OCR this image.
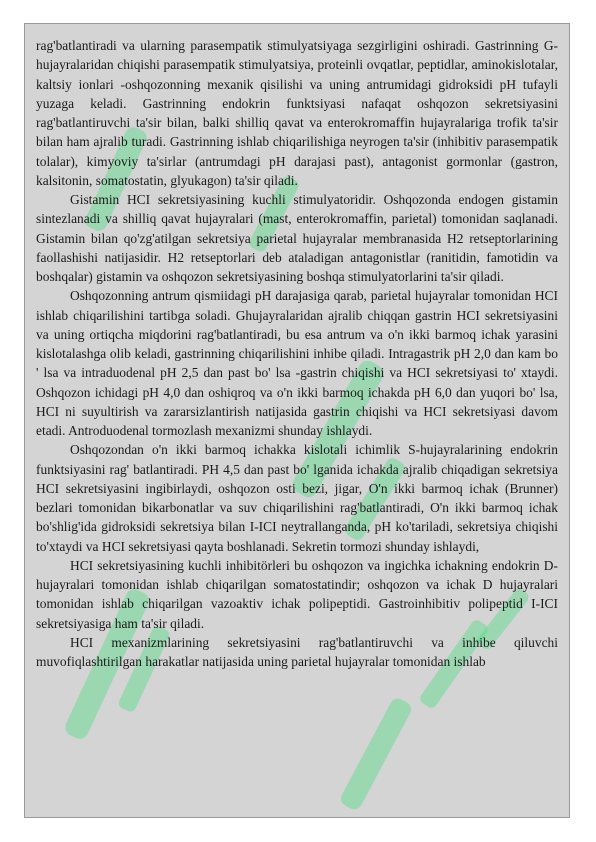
rag'batlantiradi va ularning parasempatik stimulyatsiyaga sezgirligini oshiradi. Gastrinning G-hujayralaridan chiqishi parasempatik stimulyatsiya, proteinli ovqatlar, peptidlar, aminokislotalar, kaltsiy ionlari -oshqozonning mexanik qisilishi va uning antrumidagi gidroksidi pH tufayli yuzaga keladi. Gastrinning endokrin funktsiyasi nafaqat oshqozon sekretsiyasini rag'batlantiruvchi ta'sir bilan, balki shilliq qavat va enterokromaffin hujayralariga trofik ta'sir bilan ham ajralib turadi. Gastrinning ishlab chiqarilishiga neyrogen ta'sir (inhibitiv parasempatik tolalar), kimyoviy ta'sirlar (antrumdagi pH darajasi past), antagonist gormonlar (gastron, kalsitonin, somatostatin, glyukagon) ta'sir qiladi.

Gistamin HCI sekretsiyasining kuchli stimulyatoridir. Oshqozonda endogen gistamin sintezlanadi va shilliq qavat hujayralari (mast, enterokromaffin, parietal) tomonidan saqlanadi. Gistamin bilan qo'zg'atilgan sekretsiya parietal hujayralar membranasida H2 retseptorlarining faollashishi natijasidir. H2 retseptorlari deb ataladigan antagonistlar (ranitidin, famotidin va boshqalar) gistamin va oshqozon sekretsiyasining boshqa stimulyatorlarini ta'sir qiladi.

Oshqozonning antrum qismiidagi pH darajasiga qarab, parietal hujayralar tomonidan HCI ishlab chiqarilishini tartibga soladi. Ghujayralaridan ajralib chiqqan gastrin HCI sekretsiyasini va uning ortiqcha miqdorini rag'batlantiradi, bu esa antrum va o'n ikki barmoq ichak yarasini kislotalashga olib keladi, gastrinning chiqarilishini inhibe qiladi. Intragastrik pH 2,0 dan kam bo ' lsa va intraduodenal pH 2,5 dan past bo' lsa -gastrin chiqishi va HCI sekretsiyasi to' xtaydi. Oshqozon ichidagi pH 4,0 dan oshiqroq va o'n ikki barmoq ichakda pH 6,0 dan yuqori bo' lsa, HCI ni suyultirish va zararsizlantirish natijasida gastrin chiqishi va HCI sekretsiyasi davom etadi. Antroduodenal tormozlash mexanizmi shunday ishlaydi.

Oshqozondan o'n ikki barmoq ichakka kislotali ichimlik S-hujayralarining endokrin funktsiyasini rag' batlantiradi. PH 4,5 dan past bo' lganida ichakda ajralib chiqadigan sekretsiya HCI sekretsiyasini ingibirlaydi, oshqozon osti bezi, jigar, O'n ikki barmoq ichak (Brunner) bezlari tomonidan bikarbonatlar va suv chiqarilishini rag'batlantiradi, O'n ikki barmoq ichak bo'shlig'ida gidroksidi sekretsiya bilan I-ICI neytrallanganda, pH ko'tariladi, sekretsiya chiqishi to'xtaydi va HCI sekretsiyasi qayta boshlanadi. Sekretin tormozi shunday ishlaydi,

HCI sekretsiyasining kuchli inhibitörleri bu oshqozon va ingichka ichakning endokrin D-hujayralari tomonidan ishlab chiqarilgan somatostatindir; oshqozon va ichak D hujayralari tomonidan ishlab chiqarilgan vazoaktiv ichak polipeptidi. Gastroinhibitiv polipeptid I-ICI sekretsiyasiga ham ta'sir qiladi.

HCI mexanizmlarining sekretsiyasini rag'batlantiruvchi va inhibe qiluvchi muvofiqlashtirilgan harakatlar natijasida uning parietal hujayralar tomonidan ishlab
